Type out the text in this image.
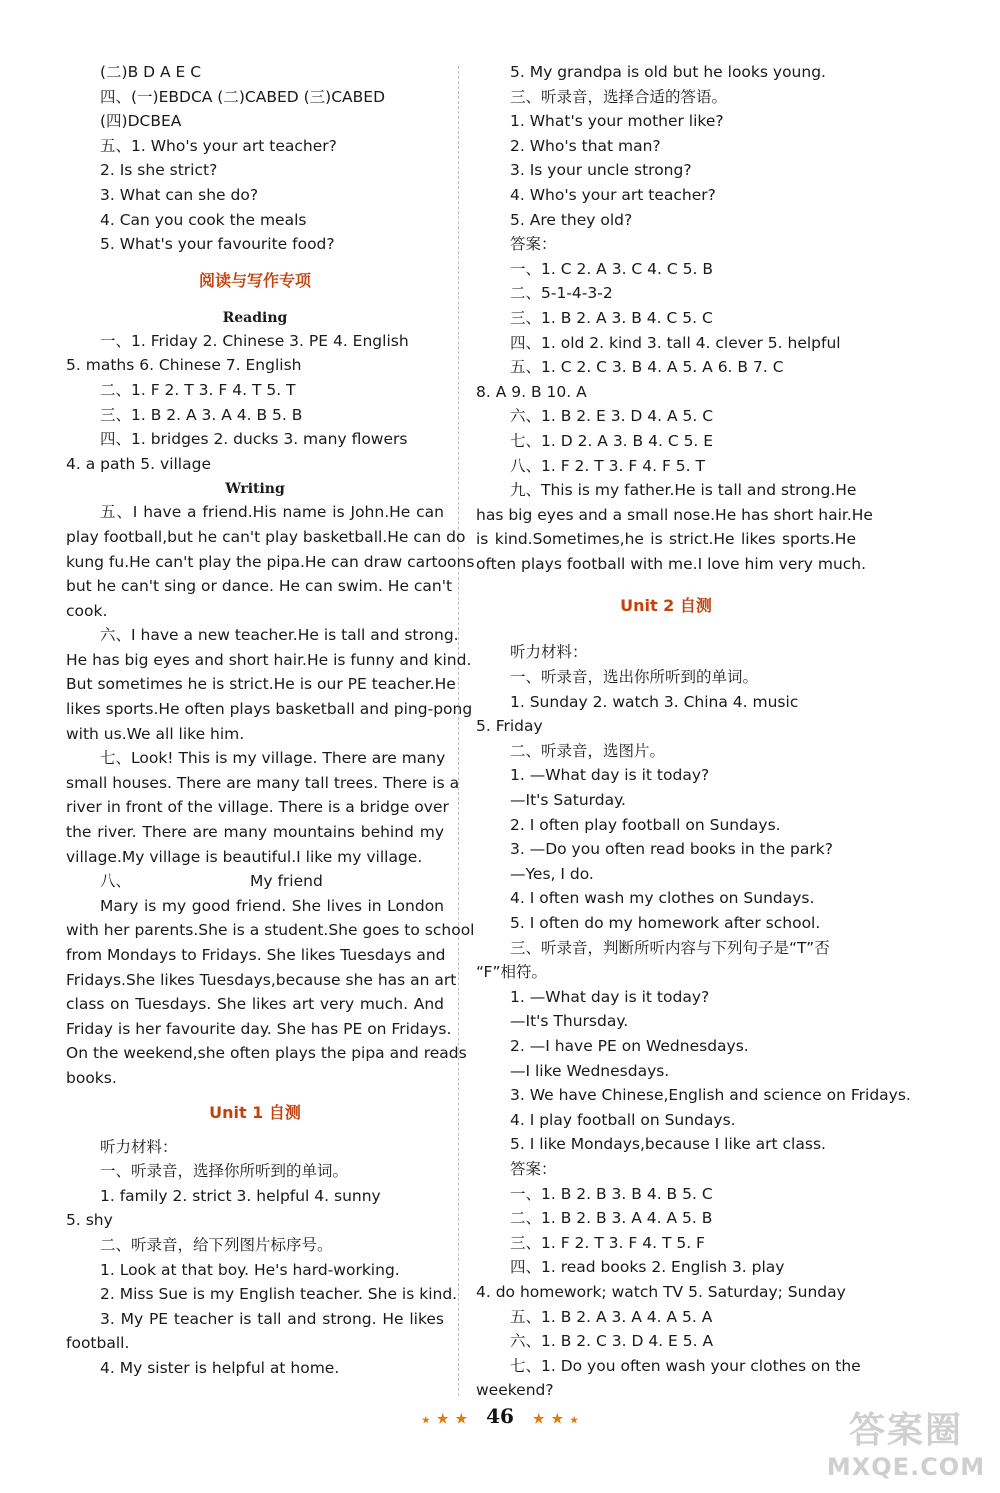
(二)B D A E C
四、(一)EBDCA (二)CABED (三)CABED
(四)DCBEA
五、1. Who's your art teacher?
2. Is she strict?
3. What can she do?
4. Can you cook the meals
5. What's your favourite food?
阅读与写作专项
Reading
一、1. Friday 2. Chinese 3. PE 4. English
5. maths 6. Chinese 7. English
二、1. F 2. T 3. F 4. T 5. T
三、1. B 2. A 3. A 4. B 5. B
四、1. bridges 2. ducks 3. many flowers
4. a path 5. village
Writing
五、I have a friend.His name is John.He can
play football,but he can't play basketball.He can do
kung fu.He can't play the pipa.He can draw cartoons
but he can't sing or dance. He can swim. He can't
cook.
六、I have a new teacher.He is tall and strong.
He has big eyes and short hair.He is funny and kind.
But sometimes he is strict.He is our PE teacher.He
likes sports.He often plays basketball and ping-pong
with us.We all like him.
七、Look! This is my village. There are many
small houses. There are many tall trees. There is a
river in front of the village. There is a bridge over
the river. There are many mountains behind my
village.My village is beautiful.I like my village.
八、	My friend
Mary is my good friend. She lives in London
with her parents.She is a student.She goes to school
from Mondays to Fridays. She likes Tuesdays and
Fridays.She likes Tuesdays,because she has an art
class on Tuesdays. She likes art very much. And
Friday is her favourite day. She has PE on Fridays.
On the weekend,she often plays the pipa and reads
books.
Unit 1 自测
听力材料：
一、听录音，选择你所听到的单词。
1. family 2. strict 3. helpful 4. sunny
5. shy
二、听录音，给下列图片标序号。
1. Look at that boy. He's hard-working.
2. Miss Sue is my English teacher. She is kind.
3. My PE teacher is tall and strong. He likes
football.
4. My sister is helpful at home.
5. My grandpa is old but he looks young.
三、听录音，选择合适的答语。
1. What's your mother like?
2. Who's that man?
3. Is your uncle strong?
4. Who's your art teacher?
5. Are they old?
答案：
一、1. C 2. A 3. C 4. C 5. B
二、5-1-4-3-2
三、1. B 2. A 3. B 4. C 5. C
四、1. old 2. kind 3. tall 4. clever 5. helpful
五、1. C 2. C 3. B 4. A 5. A 6. B 7. C
8. A 9. B 10. A
六、1. B 2. E 3. D 4. A 5. C
七、1. D 2. A 3. B 4. C 5. E
八、1. F 2. T 3. F 4. F 5. T
九、This is my father.He is tall and strong.He
has big eyes and a small nose.He has short hair.He
is kind.Sometimes,he is strict.He likes sports.He
often plays football with me.I love him very much.
Unit 2 自测
听力材料：
一、听录音，选出你所听到的单词。
1. Sunday 2. watch 3. China 4. music
5. Friday
二、听录音，选图片。
1. —What day is it today?
—It's Saturday.
2. I often play football on Sundays.
3. —Do you often read books in the park?
—Yes, I do.
4. I often wash my clothes on Sundays.
5. I often do my homework after school.
三、听录音，判断所听内容与下列句子是“T”否
“F”相符。
1. —What day is it today?
—It's Thursday.
2. —I have PE on Wednesdays.
—I like Wednesdays.
3. We have Chinese,English and science on Fridays.
4. I play football on Sundays.
5. I like Mondays,because I like art class.
答案：
一、1. B 2. B 3. B 4. B 5. C
二、1. B 2. B 3. A 4. A 5. B
三、1. F 2. T 3. F 4. T 5. F
四、1. read books 2. English 3. play
4. do homework; watch TV 5. Saturday; Sunday
五、1. B 2. A 3. A 4. A 5. A
六、1. B 2. C 3. D 4. E 5. A
七、1. Do you often wash your clothes on the
weekend?
★ ★ ★ 46 ★ ★ ★	答案圈
MXQE.COM
